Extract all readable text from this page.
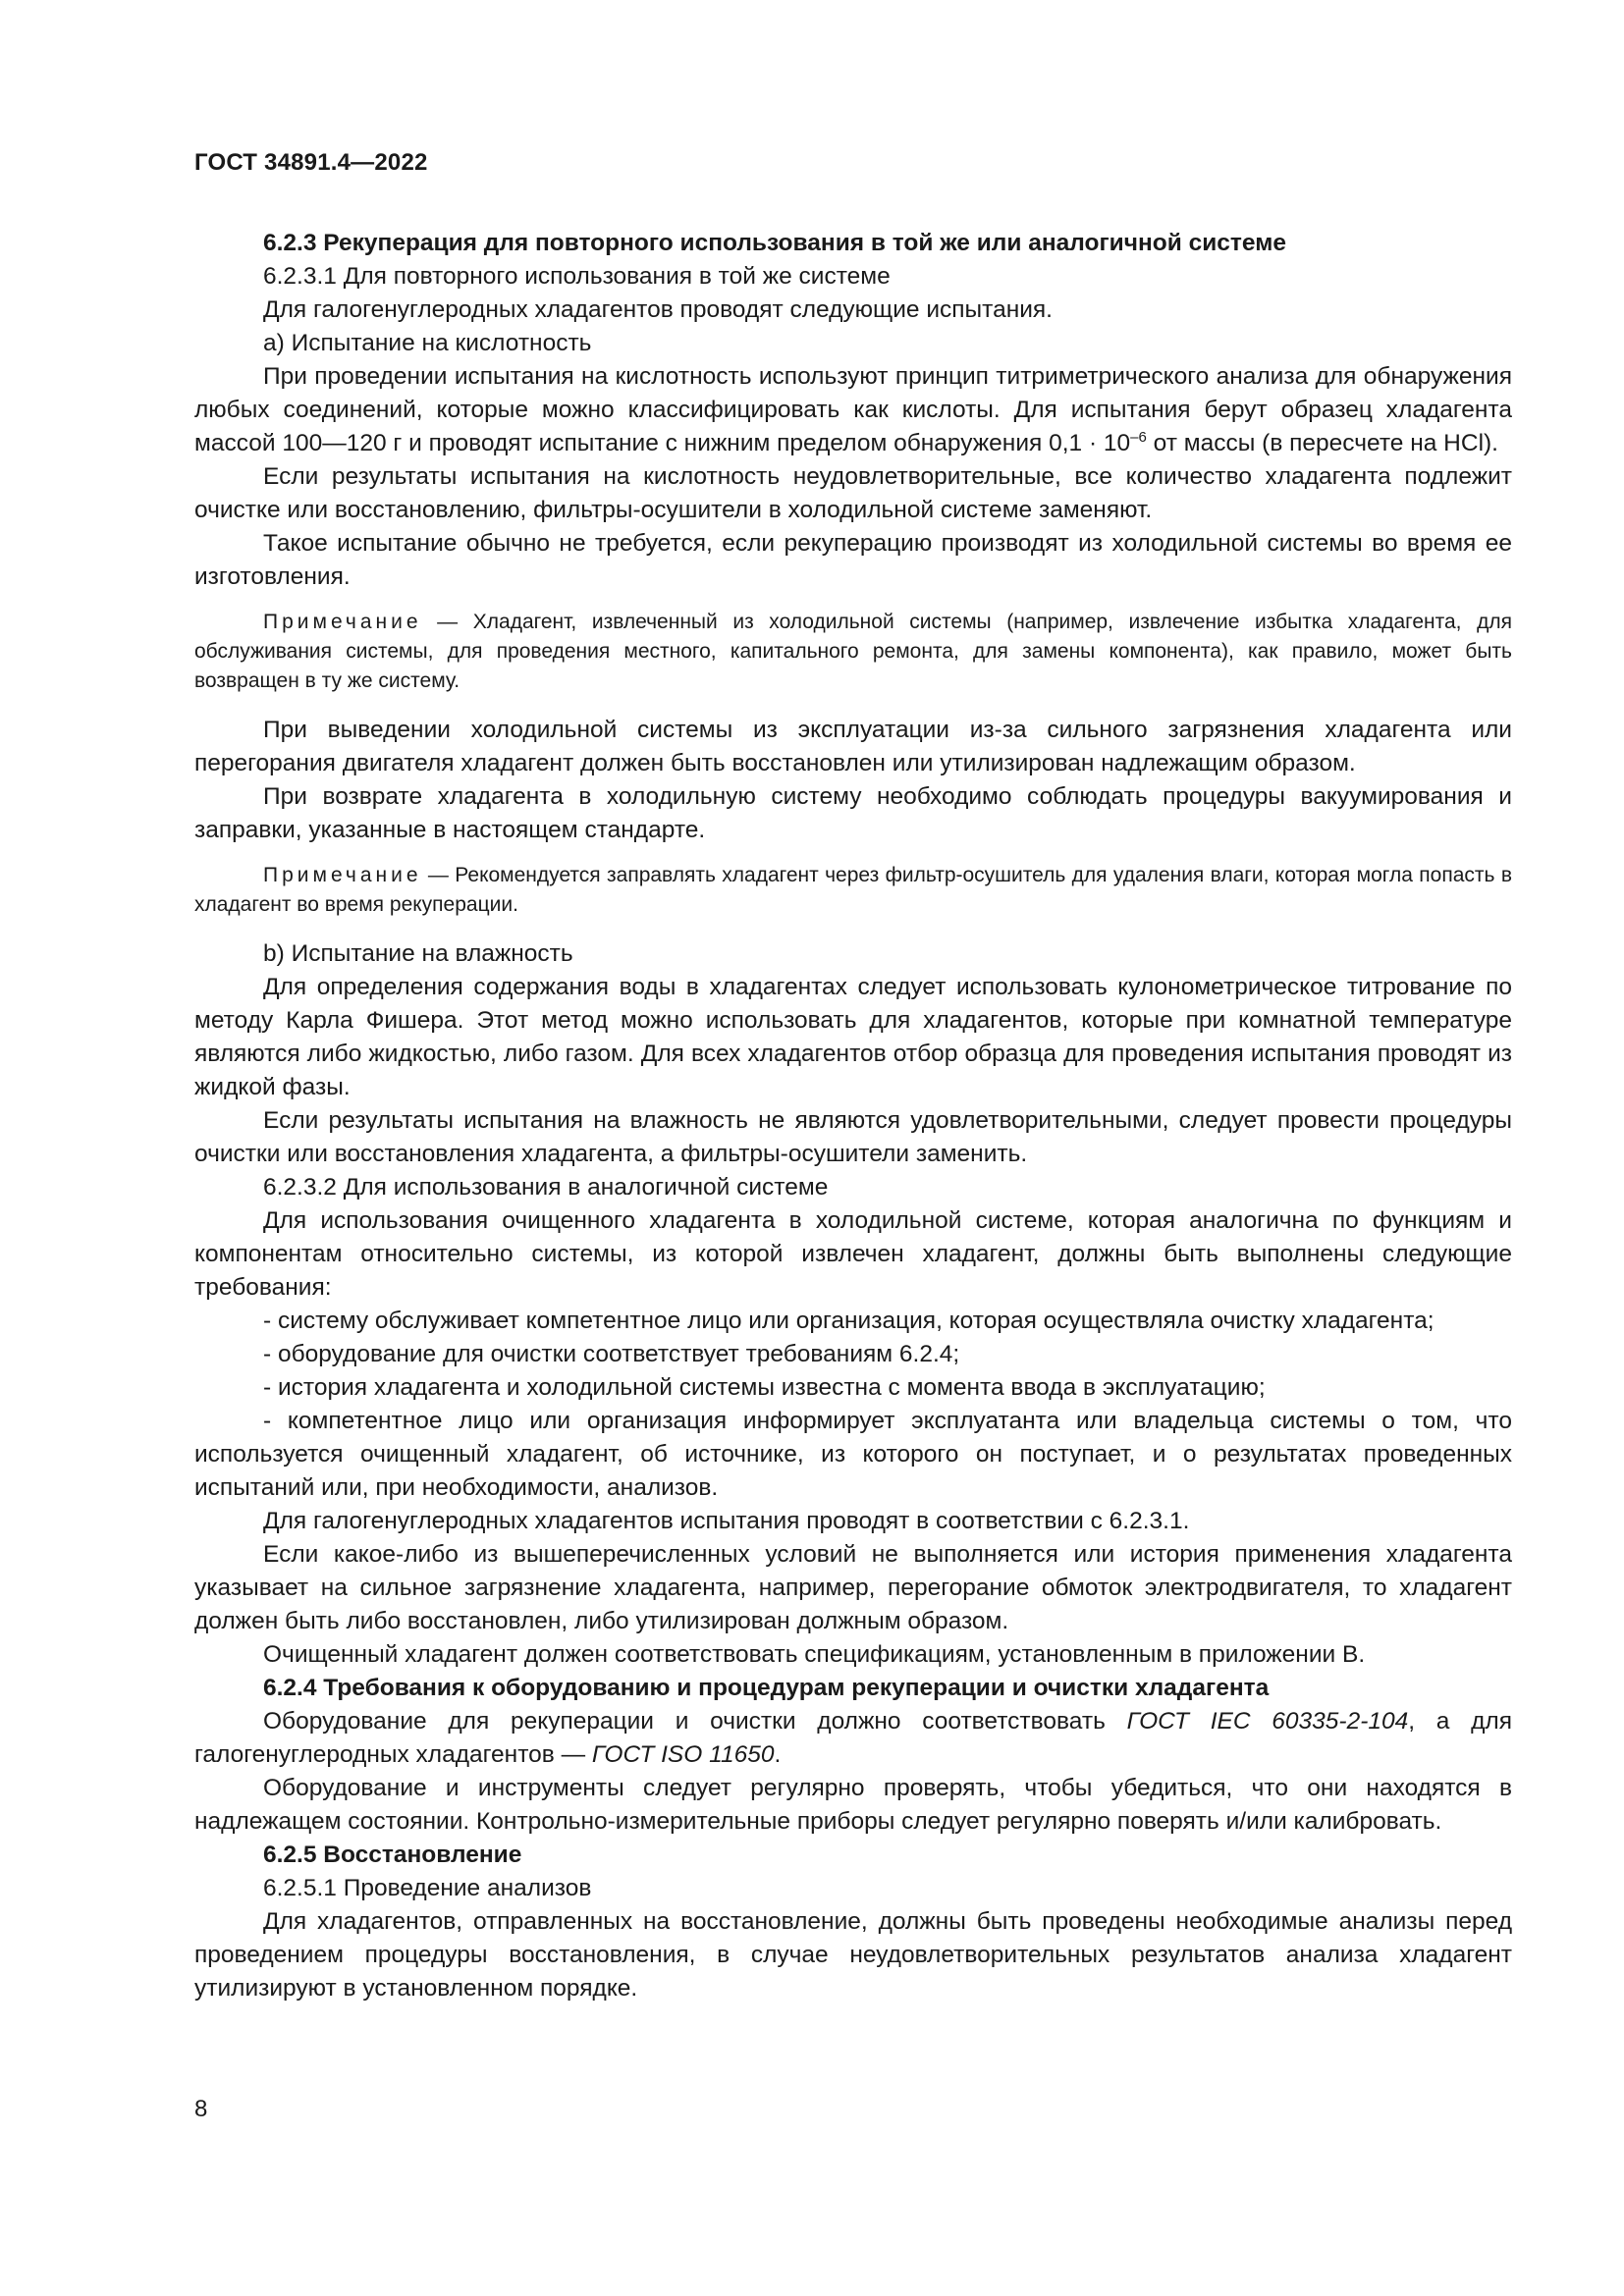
ГОСТ 34891.4—2022

6.2.3 Рекуперация для повторного использования в той же или аналогичной системе

6.2.3.1 Для повторного использования в той же системе

Для галогенуглеродных хладагентов проводят следующие испытания.

a) Испытание на кислотность

При проведении испытания на кислотность используют принцип титриметрического анализа для обнаружения любых соединений, которые можно классифицировать как кислоты. Для испытания берут образец хладагента массой 100—120 г и проводят испытание с нижним пределом обнаружения $0,1 \cdot 10^{-6}$ от массы (в пересчете на HCl).

Если результаты испытания на кислотность неудовлетворительные, все количество хладагента подлежит очистке или восстановлению, фильтры-осушители в холодильной системе заменяют.

Такое испытание обычно не требуется, если рекуперацию производят из холодильной системы во время ее изготовления.

Примечание — Хладагент, извлеченный из холодильной системы (например, извлечение избытка хладагента, для обслуживания системы, для проведения местного, капитального ремонта, для замены компонента), как правило, может быть возвращен в ту же систему.

При выведении холодильной системы из эксплуатации из-за сильного загрязнения хладагента или перегорания двигателя хладагент должен быть восстановлен или утилизирован надлежащим образом.

При возврате хладагента в холодильную систему необходимо соблюдать процедуры вакуумирования и заправки, указанные в настоящем стандарте.

Примечание — Рекомендуется заправлять хладагент через фильтр-осушитель для удаления влаги, которая могла попасть в хладагент во время рекуперации.

b) Испытание на влажность

Для определения содержания воды в хладагентах следует использовать кулонометрическое титрование по методу Карла Фишера. Этот метод можно использовать для хладагентов, которые при комнатной температуре являются либо жидкостью, либо газом. Для всех хладагентов отбор образца для проведения испытания проводят из жидкой фазы.

Если результаты испытания на влажность не являются удовлетворительными, следует провести процедуры очистки или восстановления хладагента, а фильтры-осушители заменить.

6.2.3.2 Для использования в аналогичной системе

Для использования очищенного хладагента в холодильной системе, которая аналогична по функциям и компонентам относительно системы, из которой извлечен хладагент, должны быть выполнены следующие требования:

- систему обслуживает компетентное лицо или организация, которая осуществляла очистку хладагента;

- оборудование для очистки соответствует требованиям 6.2.4;

- история хладагента и холодильной системы известна с момента ввода в эксплуатацию;

- компетентное лицо или организация информирует эксплуатанта или владельца системы о том, что используется очищенный хладагент, об источнике, из которого он поступает, и о результатах проведенных испытаний или, при необходимости, анализов.

Для галогенуглеродных хладагентов испытания проводят в соответствии с 6.2.3.1.

Если какое-либо из вышеперечисленных условий не выполняется или история применения хладагента указывает на сильное загрязнение хладагента, например, перегорание обмоток электродвигателя, то хладагент должен быть либо восстановлен, либо утилизирован должным образом.

Очищенный хладагент должен соответствовать спецификациям, установленным в приложении В.

6.2.4 Требования к оборудованию и процедурам рекуперации и очистки хладагента

Оборудование для рекуперации и очистки должно соответствовать ГОСТ IEC 60335-2-104, а для галогенуглеродных хладагентов — ГОСТ ISO 11650.

Оборудование и инструменты следует регулярно проверять, чтобы убедиться, что они находятся в надлежащем состоянии. Контрольно-измерительные приборы следует регулярно поверять и/или калибровать.

6.2.5 Восстановление

6.2.5.1 Проведение анализов

Для хладагентов, отправленных на восстановление, должны быть проведены необходимые анализы перед проведением процедуры восстановления, в случае неудовлетворительных результатов анализа хладагент утилизируют в установленном порядке.

8
